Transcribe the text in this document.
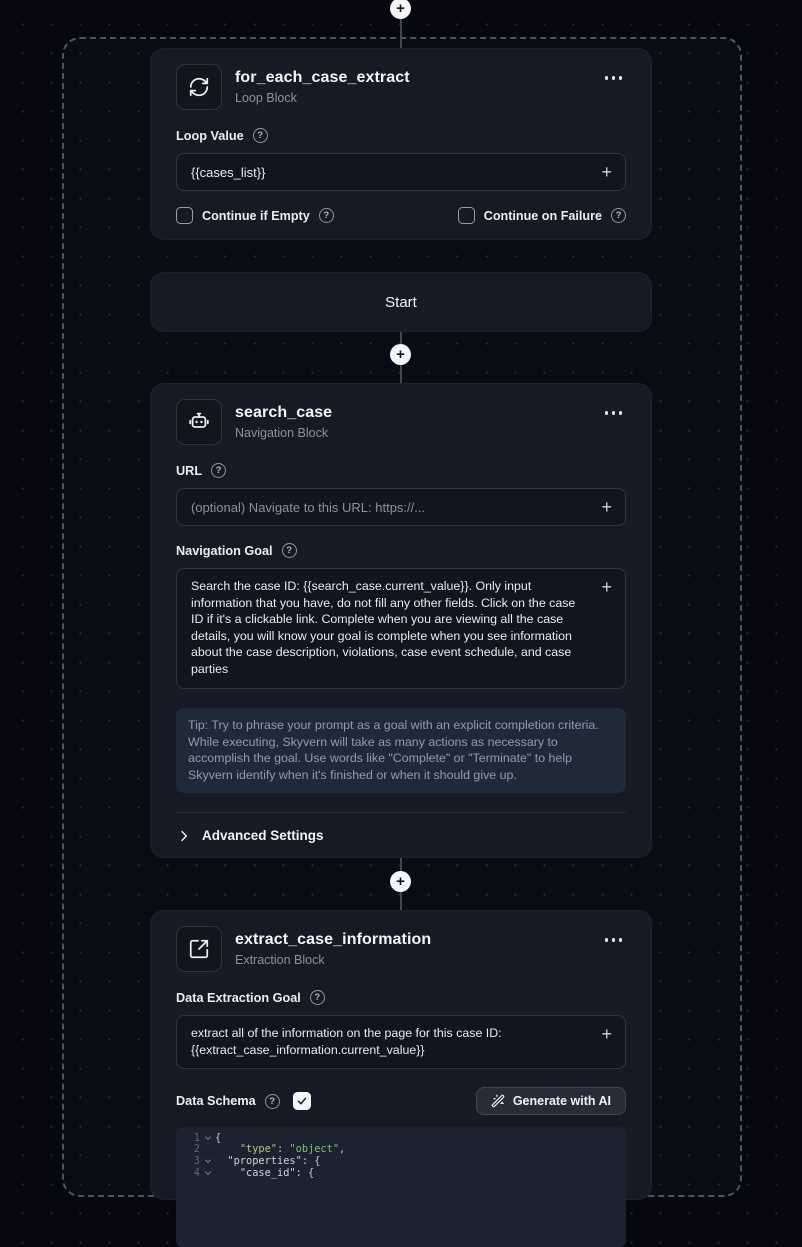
+
+
+
for_each_case_extract
Loop Block
Loop Value	?
{{cases_list}}
+
Continue if Empty	?	Continue on Failure	?
Start
search_case
Navigation Block
URL	?
(optional) Navigate to this URL: https://...
+
Navigation Goal	?
Search the case ID: {{search_case.current_value}}. Only input information that you have, do not fill any other fields. Click on the case ID if it's a clickable link. Complete when you are viewing all the case details, you will know your goal is complete when you see information about the case description, violations, case event schedule, and case parties
+
Tip: Try to phrase your prompt as a goal with an explicit completion criteria. While executing, Skyvern will take as many actions as necessary to accomplish the goal. Use words like "Complete" or "Terminate" to help Skyvern identify when it's finished or when it should give up.
Advanced Settings
extract_case_information
Extraction Block
Data Extraction Goal	?
extract all of the information on the page for this case ID: {{extract_case_information.current_value}}
+
Data Schema	?	Generate with AI
1 {
2	"type": "object",
3	"properties": {
4	"case_id": {
